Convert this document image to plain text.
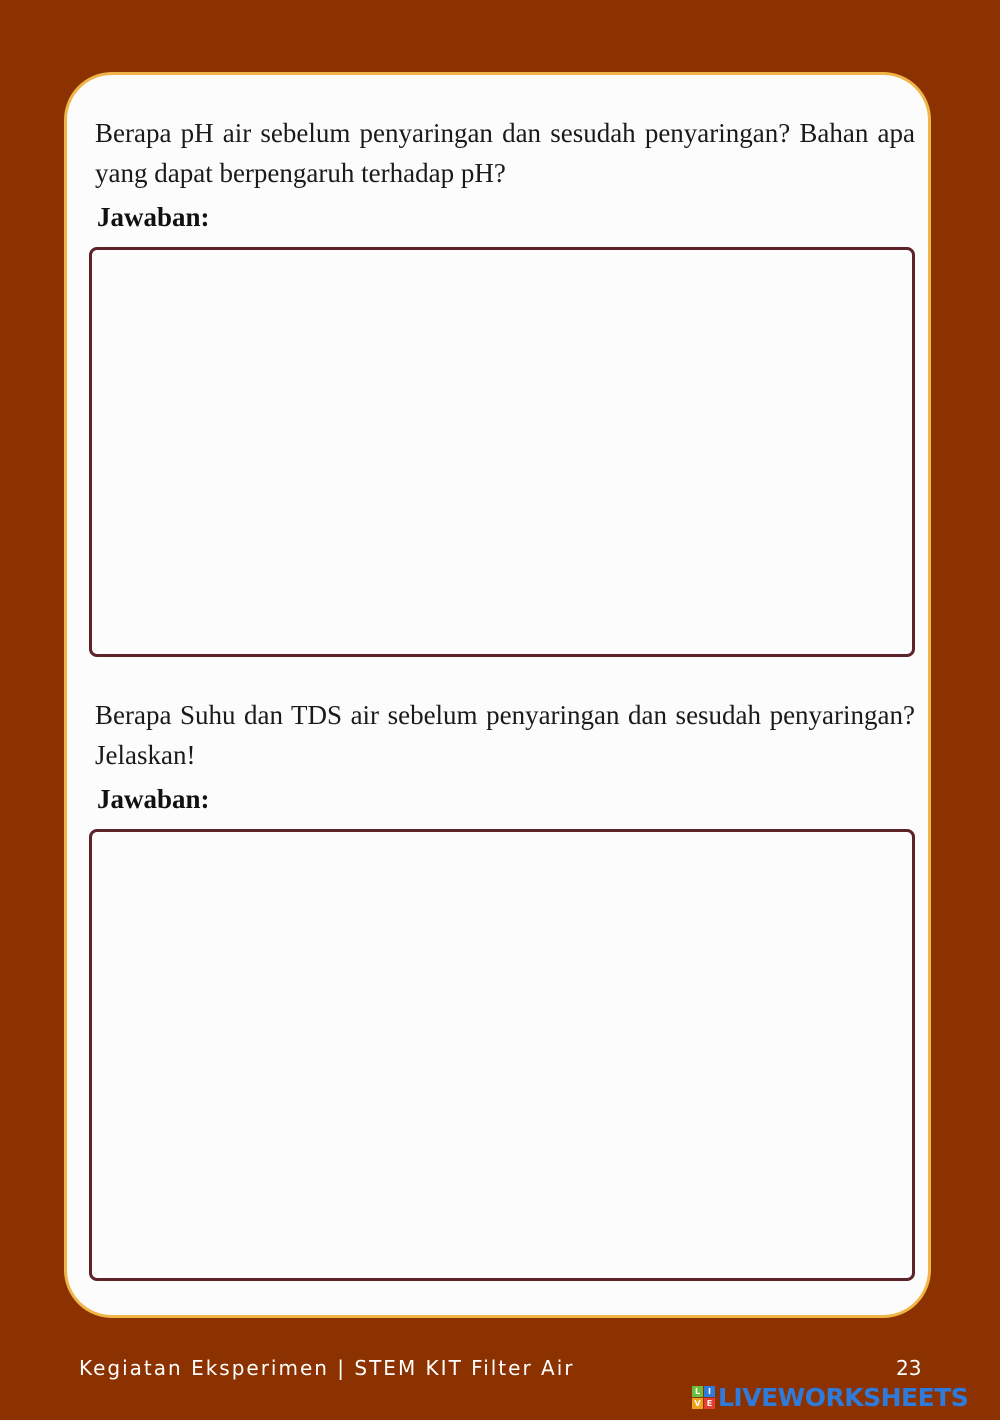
Berapa pH air sebelum penyaringan dan sesudah penyaringan? Bahan apa yang dapat berpengaruh terhadap pH?

Jawaban:

Berapa Suhu dan TDS air sebelum penyaringan dan sesudah penyaringan? Jelaskan!

Jawaban:

Kegiatan Eksperimen | STEM KIT Filter Air	23

L I
V E LIVEWORKSHEETS
